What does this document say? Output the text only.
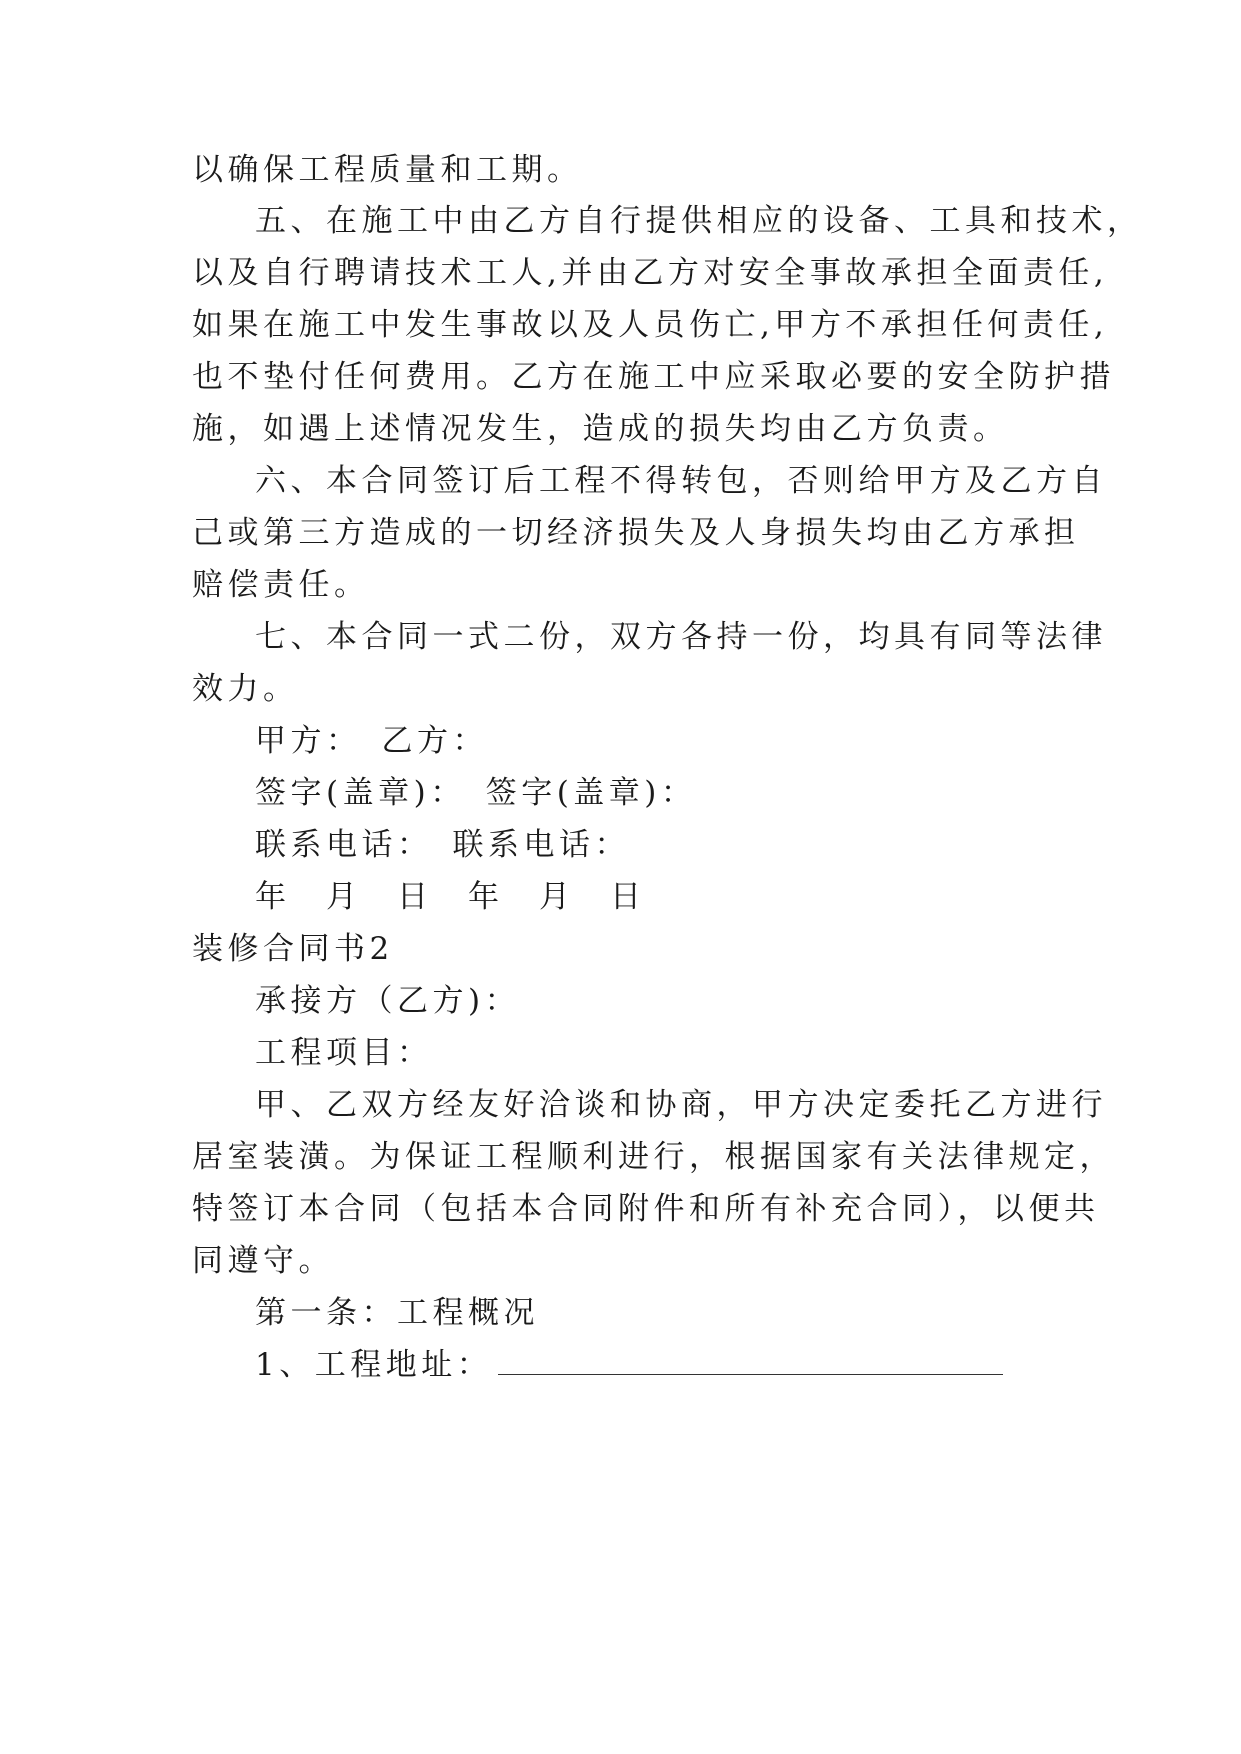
以确保工程质量和工期。
五、在施工中由乙方自行提供相应的设备、工具和技术，
以及自行聘请技术工人,并由乙方对安全事故承担全面责任,
如果在施工中发生事故以及人员伤亡,甲方不承担任何责任,
也不垫付任何费用。乙方在施工中应采取必要的安全防护措
施，如遇上述情况发生，造成的损失均由乙方负责。
六、本合同签订后工程不得转包，否则给甲方及乙方自
己或第三方造成的一切经济损失及人身损失均由乙方承担
赔偿责任。
七、本合同一式二份，双方各持一份，均具有同等法律
效力。
甲方：　乙方：
签字(盖章)：　签字(盖章)：
联系电话：　联系电话：
年　月　日　年　月　日
装修合同书2
承接方（乙方)：
工程项目：
甲、乙双方经友好洽谈和协商，甲方决定委托乙方进行
居室装潢。为保证工程顺利进行，根据国家有关法律规定，
特签订本合同（包括本合同附件和所有补充合同），以便共
同遵守。
第一条：工程概况
1、工程地址：
